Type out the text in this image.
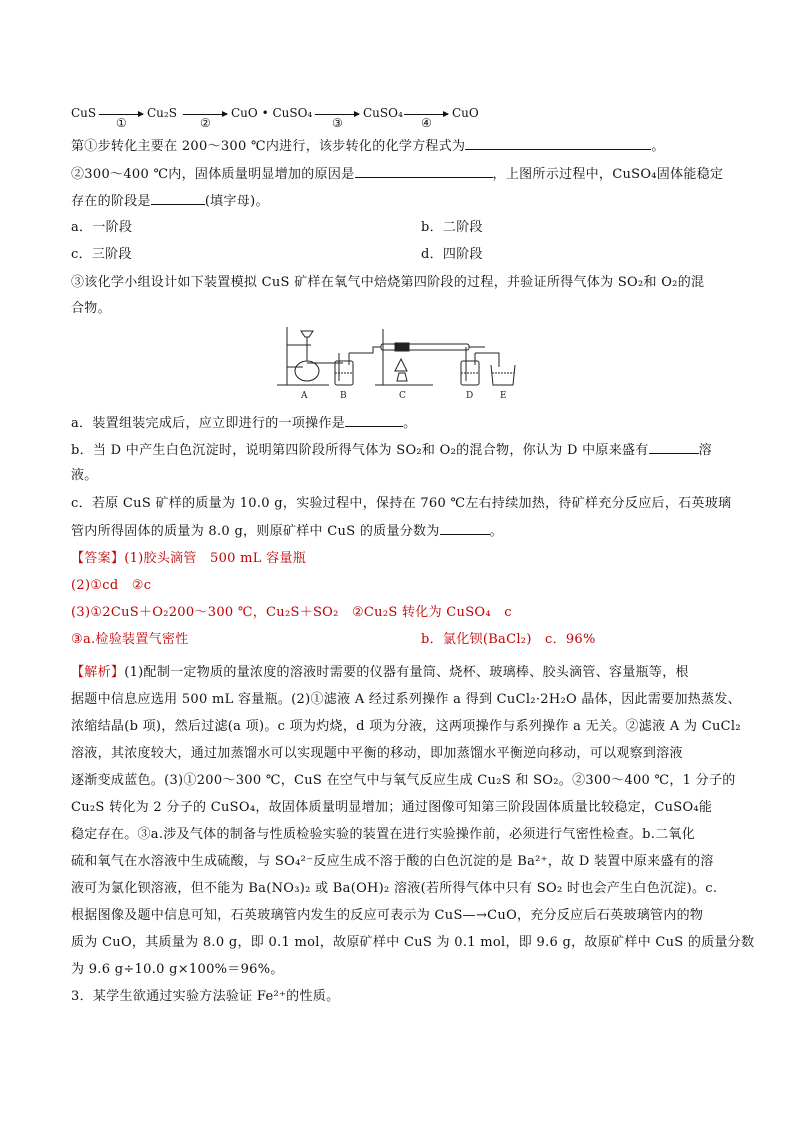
CuS
①
Cu₂S
②
CuO • CuSO₄
③
CuSO₄
④
CuO
第①步转化主要在 200～300 ℃内进行，该步转化的化学方程式为	。
②300～400 ℃内，固体质量明显增加的原因是	，上图所示过程中，CuSO₄固体能稳定
存在的阶段是	(填字母)。
a．一阶段	b．二阶段
c．三阶段	d．四阶段
③该化学小组设计如下装置模拟 CuS 矿样在氧气中焙烧第四阶段的过程，并验证所得气体为 SO₂和 O₂的混
合物。
A	B	C	D	E
a．装置组装完成后，应立即进行的一项操作是	。
b．当 D 中产生白色沉淀时，说明第四阶段所得气体为 SO₂和 O₂的混合物，你认为 D 中原来盛有	溶
液。
c．若原 CuS 矿样的质量为 10.0 g，实验过程中，保持在 760 ℃左右持续加热，待矿样充分反应后，石英玻璃
管内所得固体的质量为 8.0 g，则原矿样中 CuS 的质量分数为	。
【答案】(1)胶头滴管　500 mL 容量瓶
(2)①cd　②c
(3)①2CuS＋O₂200～300 ℃，Cu₂S＋SO₂　②Cu₂S 转化为 CuSO₄　c
③a.检验装置气密性	b．氯化钡(BaCl₂)　c．96%
【解析】(1)配制一定物质的量浓度的溶液时需要的仪器有量筒、烧杯、玻璃棒、胶头滴管、容量瓶等，根
据题中信息应选用 500 mL 容量瓶。(2)①滤液 A 经过系列操作 a 得到 CuCl₂·2H₂O 晶体，因此需要加热蒸发、
浓缩结晶(b 项)，然后过滤(a 项)。c 项为灼烧，d 项为分液，这两项操作与系列操作 a 无关。②滤液 A 为 CuCl₂
溶液，其浓度较大，通过加蒸馏水可以实现题中平衡的移动，即加蒸馏水平衡逆向移动，可以观察到溶液
逐渐变成蓝色。(3)①200～300 ℃，CuS 在空气中与氧气反应生成 Cu₂S 和 SO₂。②300～400 ℃，1 分子的
Cu₂S 转化为 2 分子的 CuSO₄，故固体质量明显增加；通过图像可知第三阶段固体质量比较稳定，CuSO₄能
稳定存在。③a.涉及气体的制备与性质检验实验的装置在进行实验操作前，必须进行气密性检查。b.二氧化
硫和氧气在水溶液中生成硫酸，与 SO₄²⁻反应生成不溶于酸的白色沉淀的是 Ba²⁺，故 D 装置中原来盛有的溶
液可为氯化钡溶液，但不能为 Ba(NO₃)₂ 或 Ba(OH)₂ 溶液(若所得气体中只有 SO₂ 时也会产生白色沉淀)。c.
根据图像及题中信息可知，石英玻璃管内发生的反应可表示为 CuS—→CuO，充分反应后石英玻璃管内的物
质为 CuO，其质量为 8.0 g，即 0.1 mol，故原矿样中 CuS 为 0.1 mol，即 9.6 g，故原矿样中 CuS 的质量分数
为 9.6 g÷10.0 g×100%＝96%。
3．某学生欲通过实验方法验证 Fe²⁺的性质。
